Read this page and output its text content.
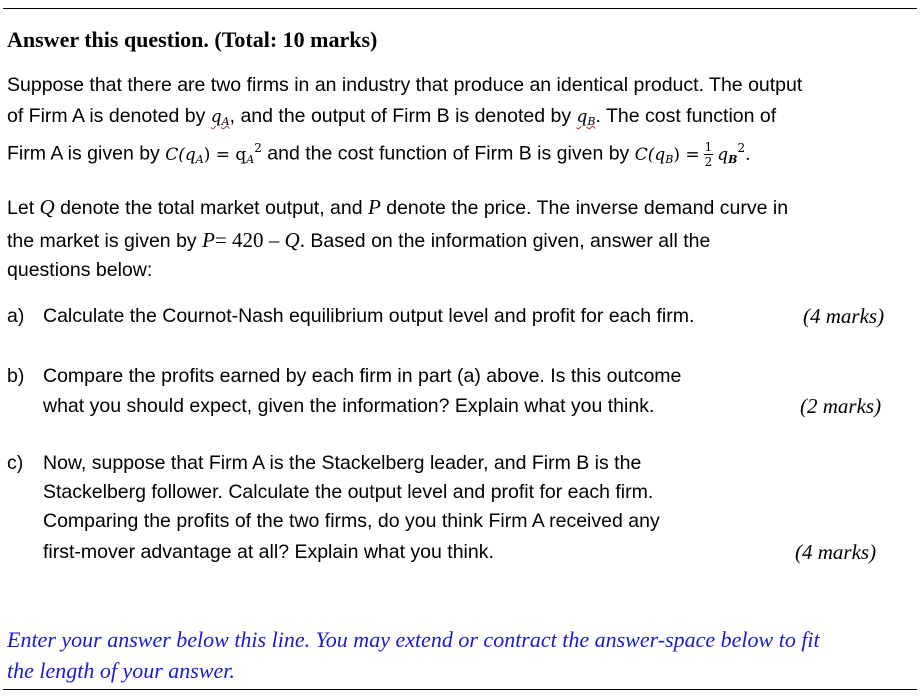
Answer this question. (Total: 10 marks)
Suppose that there are two firms in an industry that produce an identical product. The output
of Firm A is denoted by $q_A$, and the output of Firm B is denoted by $q_B$. The cost function of
Firm A is given by $C(q_A) = q_A^2$ and the cost function of Firm B is given by $C(q_B) = \frac{1}{2} q_B^2$.
Let Q denote the total market output, and P denote the price. The inverse demand curve in
the market is given by P= 420 – Q. Based on the information given, answer all the
questions below:
a) Calculate the Cournot-Nash equilibrium output level and profit for each firm.	(4 marks)
b) Compare the profits earned by each firm in part (a) above. Is this outcome
what you should expect, given the information? Explain what you think.	(2 marks)
c) Now, suppose that Firm A is the Stackelberg leader, and Firm B is the
Stackelberg follower. Calculate the output level and profit for each firm.
Comparing the profits of the two firms, do you think Firm A received any
first-mover advantage at all? Explain what you think.	(4 marks)
Enter your answer below this line. You may extend or contract the answer-space below to fit
the length of your answer.
